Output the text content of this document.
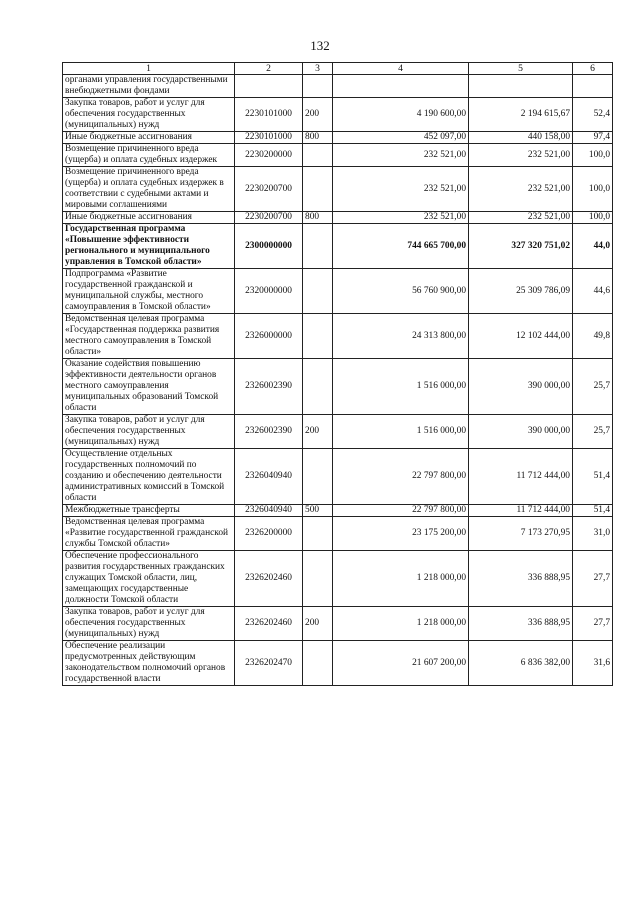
132
1	2	3	4	5	6
органами управления государственными внебюджетными фондами					
Закупка товаров, работ и услуг для обеспечения государственных (муниципальных) нужд	2230101000	200	4 190 600,00	2 194 615,67	52,4
Иные бюджетные ассигнования	2230101000	800	452 097,00	440 158,00	97,4
Возмещение причиненного вреда (ущерба) и оплата судебных издержек	2230200000		232 521,00	232 521,00	100,0
Возмещение причиненного вреда (ущерба) и оплата судебных издержек в соответствии с судебными актами и мировыми соглашениями	2230200700		232 521,00	232 521,00	100,0
Иные бюджетные ассигнования	2230200700	800	232 521,00	232 521,00	100,0
Государственная программа «Повышение эффективности регионального и муниципального управления в Томской области»	2300000000		744 665 700,00	327 320 751,02	44,0
Подпрограмма «Развитие государственной гражданской и муниципальной службы, местного самоуправления в Томской области»	2320000000		56 760 900,00	25 309 786,09	44,6
Ведомственная целевая программа «Государственная поддержка развития местного самоуправления в Томской области»	2326000000		24 313 800,00	12 102 444,00	49,8
Оказание содействия повышению эффективности деятельности органов местного самоуправления муниципальных образований Томской области	2326002390		1 516 000,00	390 000,00	25,7
Закупка товаров, работ и услуг для обеспечения государственных (муниципальных) нужд	2326002390	200	1 516 000,00	390 000,00	25,7
Осуществление отдельных государственных полномочий по созданию и обеспечению деятельности административных комиссий в Томской области	2326040940		22 797 800,00	11 712 444,00	51,4
Межбюджетные трансферты	2326040940	500	22 797 800,00	11 712 444,00	51,4
Ведомственная целевая программа «Развитие государственной гражданской службы Томской области»	2326200000		23 175 200,00	7 173 270,95	31,0
Обеспечение профессионального развития государственных гражданских служащих Томской области, лиц, замещающих государственные должности Томской области	2326202460		1 218 000,00	336 888,95	27,7
Закупка товаров, работ и услуг для обеспечения государственных (муниципальных) нужд	2326202460	200	1 218 000,00	336 888,95	27,7
Обеспечение реализации предусмотренных действующим законодательством полномочий органов государственной власти	2326202470		21 607 200,00	6 836 382,00	31,6
